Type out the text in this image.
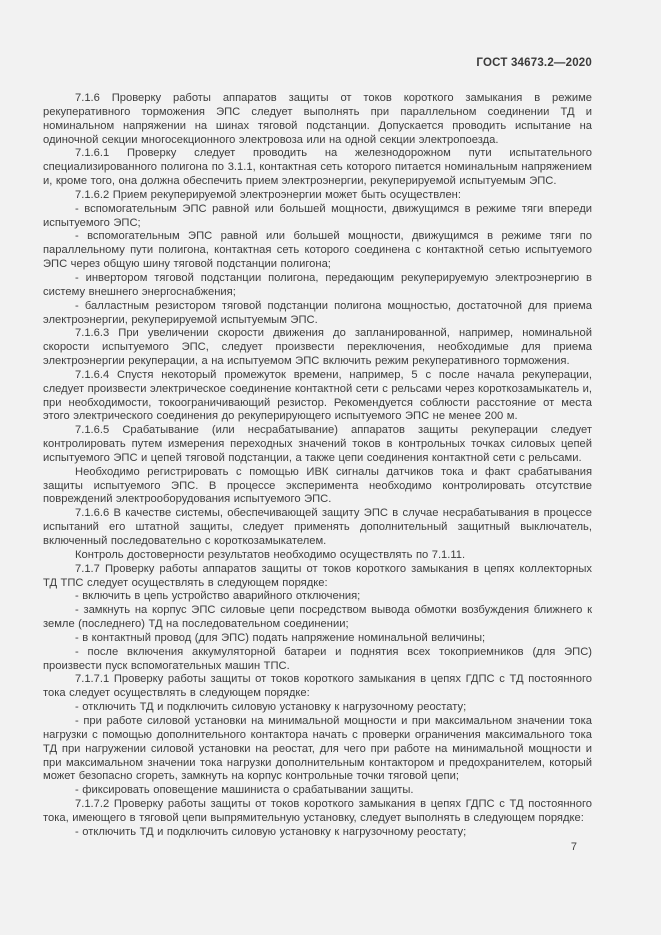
ГОСТ 34673.2—2020

7.1.6 Проверку работы аппаратов защиты от токов короткого замыкания в режиме рекуперативного торможения ЭПС следует выполнять при параллельном соединении ТД и номинальном напряжении на шинах тяговой подстанции. Допускается проводить испытание на одиночной секции многосекционного электровоза или на одной секции электропоезда.

7.1.6.1 Проверку следует проводить на железнодорожном пути испытательного специализированного полигона по 3.1.1, контактная сеть которого питается номинальным напряжением и, кроме того, она должна обеспечить прием электроэнергии, рекуперируемой испытуемым ЭПС.

7.1.6.2 Прием рекуперируемой электроэнергии может быть осуществлен:

- вспомогательным ЭПС равной или большей мощности, движущимся в режиме тяги впереди испытуемого ЭПС;

- вспомогательным ЭПС равной или большей мощности, движущимся в режиме тяги по параллельному пути полигона, контактная сеть которого соединена с контактной сетью испытуемого ЭПС через общую шину тяговой подстанции полигона;

- инвертором тяговой подстанции полигона, передающим рекуперируемую электроэнергию в систему внешнего энергоснабжения;

- балластным резистором тяговой подстанции полигона мощностью, достаточной для приема электроэнергии, рекуперируемой испытуемым ЭПС.

7.1.6.3 При увеличении скорости движения до запланированной, например, номинальной скорости испытуемого ЭПС, следует произвести переключения, необходимые для приема электроэнергии рекуперации, а на испытуемом ЭПС включить режим рекуперативного торможения.

7.1.6.4 Спустя некоторый промежуток времени, например, 5 с после начала рекуперации, следует произвести электрическое соединение контактной сети с рельсами через короткозамыкатель и, при необходимости, токоограничивающий резистор. Рекомендуется соблюсти расстояние от места этого электрического соединения до рекуперирующего испытуемого ЭПС не менее 200 м.

7.1.6.5 Срабатывание (или несрабатывание) аппаратов защиты рекуперации следует контролировать путем измерения переходных значений токов в контрольных точках силовых цепей испытуемого ЭПС и цепей тяговой подстанции, а также цепи соединения контактной сети с рельсами.

Необходимо регистрировать с помощью ИВК сигналы датчиков тока и факт срабатывания защиты испытуемого ЭПС. В процессе эксперимента необходимо контролировать отсутствие повреждений электрооборудования испытуемого ЭПС.

7.1.6.6 В качестве системы, обеспечивающей защиту ЭПС в случае несрабатывания в процессе испытаний его штатной защиты, следует применять дополнительный защитный выключатель, включенный последовательно с короткозамыкателем.

Контроль достоверности результатов необходимо осуществлять по 7.1.11.

7.1.7 Проверку работы аппаратов защиты от токов короткого замыкания в цепях коллекторных ТД ТПС следует осуществлять в следующем порядке:

- включить в цепь устройство аварийного отключения;

- замкнуть на корпус ЭПС силовые цепи посредством вывода обмотки возбуждения ближнего к земле (последнего) ТД на последовательном соединении;

- в контактный провод (для ЭПС) подать напряжение номинальной величины;

- после включения аккумуляторной батареи и поднятия всех токоприемников (для ЭПС) произвести пуск вспомогательных машин ТПС.

7.1.7.1 Проверку работы защиты от токов короткого замыкания в цепях ГДПС с ТД постоянного тока следует осуществлять в следующем порядке:

- отключить ТД и подключить силовую установку к нагрузочному реостату;

- при работе силовой установки на минимальной мощности и при максимальном значении тока нагрузки с помощью дополнительного контактора начать с проверки ограничения максимального тока ТД при нагружении силовой установки на реостат, для чего при работе на минимальной мощности и при максимальном значении тока нагрузки дополнительным контактором и предохранителем, который может безопасно сгореть, замкнуть на корпус контрольные точки тяговой цепи;

- фиксировать оповещение машиниста о срабатывании защиты.

7.1.7.2 Проверку работы защиты от токов короткого замыкания в цепях ГДПС с ТД постоянного тока, имеющего в тяговой цепи выпрямительную установку, следует выполнять в следующем порядке:

- отключить ТД и подключить силовую установку к нагрузочному реостату;

7
